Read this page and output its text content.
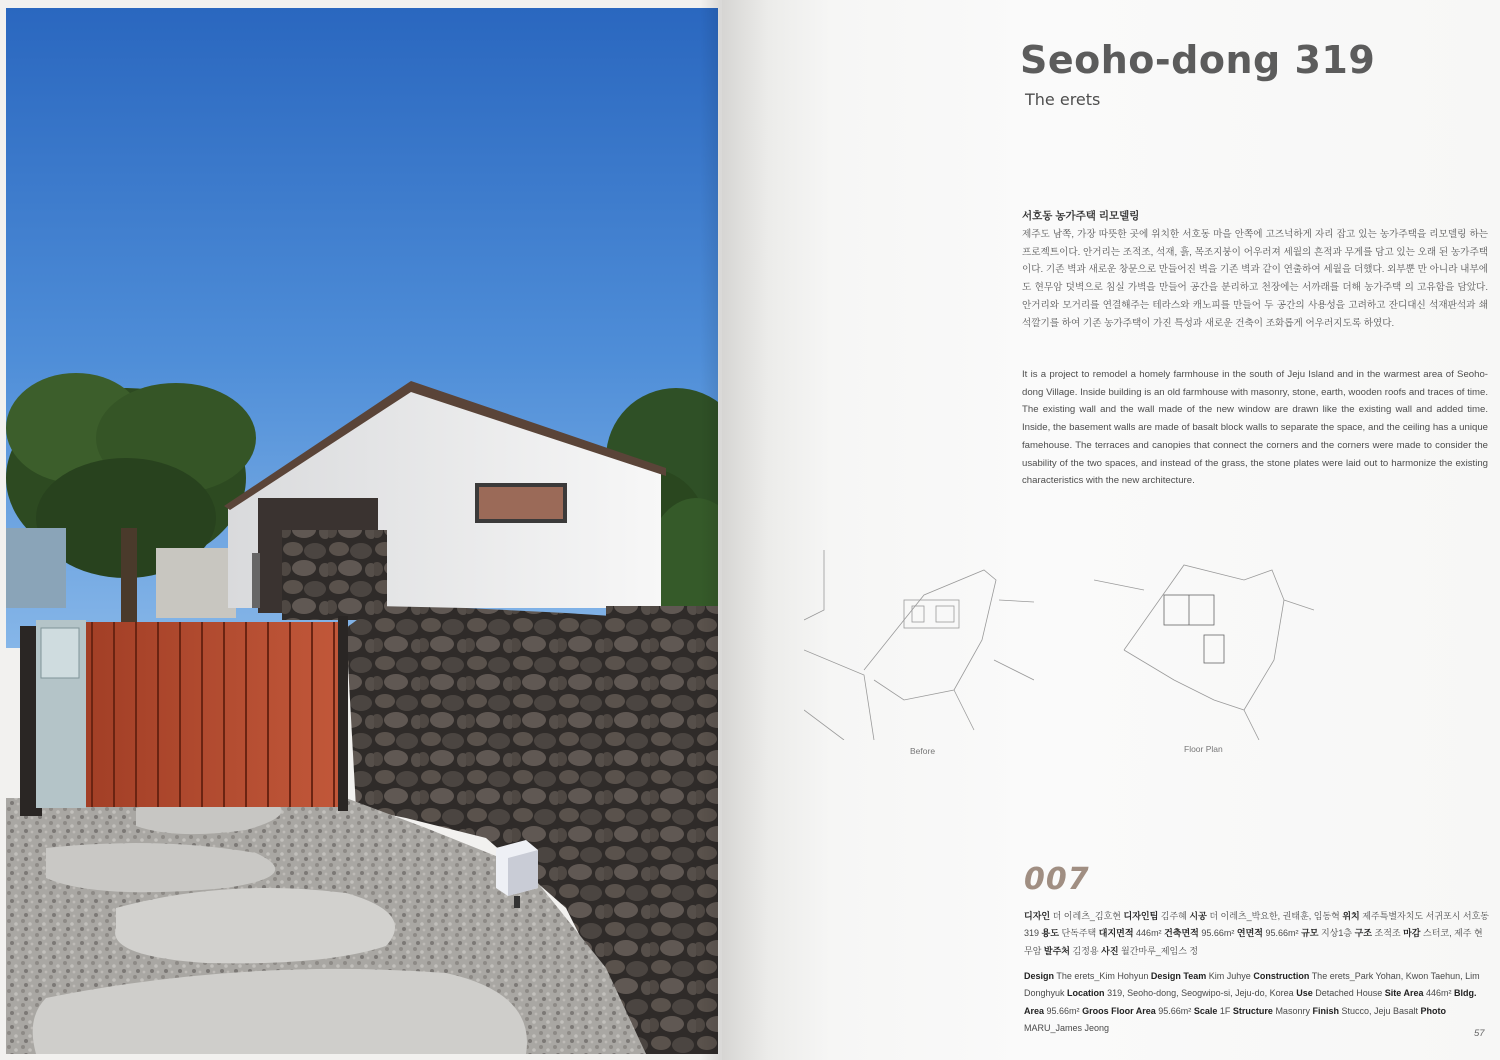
Seoho-dong 319
The erets
서호동 농가주택 리모델링

제주도 남쪽, 가장 따뜻한 곳에 위치한 서호동 마을 안쪽에 고즈넉하게 자리 잡고 있는 농가주택을 리모델링 하는 프로젝트이다. 안거리는 조적조, 석재, 흙, 목조지붕이 어우러져 세월의 흔적과 무게를 담고 있는 오래 된 농가주택이다. 기존 벽과 새로운 창문으로 만들어진 벽을 기존 벽과 같이 연출하여 세월을 더했다. 외부뿐 만 아니라 내부에도 현무암 덧벽으로 침실 가벽을 만들어 공간을 분리하고 천장에는 서까래를 더해 농가주택 의 고유함을 담았다. 안거리와 모거리를 연결해주는 테라스와 캐노피를 만들어 두 공간의 사용성을 고려하고 잔디대신 석재판석과 쇄석깔기를 하여 기존 농가주택이 가진 특성과 새로운 건축이 조화롭게 어우러지도록 하였다.

It is a project to remodel a homely farmhouse in the south of Jeju Island and in the warmest area of Seoho-dong Village. Inside building is an old farmhouse with masonry, stone, earth, wooden roofs and traces of time. The existing wall and the wall made of the new window are drawn like the existing wall and added time. Inside, the basement walls are made of basalt block walls to separate the space, and the ceiling has a unique famehouse. The terraces and canopies that connect the corners and the corners were made to consider the usability of the two spaces, and instead of the grass, the stone plates were laid out to harmonize the existing characteristics with the new architecture.

Before	Floor Plan
007

디자인 더 이레츠_김호현 디자인팀 김주혜 시공 더 이레츠_박요한, 권태훈, 임동혁 위치 제주특별자치도 서귀포시 서호동 319 용도 단독주택 대지면적 446m² 건축면적 95.66m² 연면적 95.66m² 규모 지상1층 구조 조적조 마감 스터코, 제주 현무암 발주처 김정용 사진 월간마루_제임스 정

Design The erets_Kim Hohyun Design Team Kim Juhye Construction The erets_Park Yohan, Kwon Taehun, Lim Donghyuk Location 319, Seoho-dong, Seogwipo-si, Jeju-do, Korea Use Detached House Site Area 446m² Bldg. Area 95.66m² Groos Floor Area 95.66m² Scale 1F Structure Masonry Finish Stucco, Jeju Basalt Photo MARU_James Jeong	57
